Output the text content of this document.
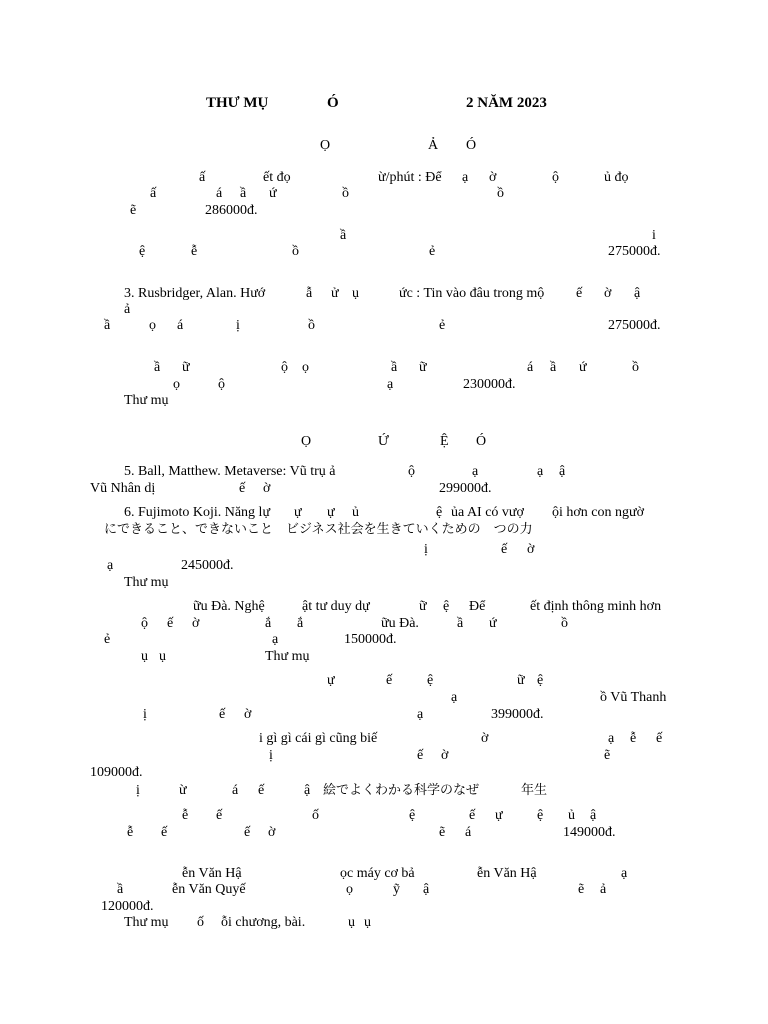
THƯ MỤ	Ó	2 NĂM 2023
Ọ	Ả Ó
ấ	ết đọ	ừ/phút : Để ạ ờ	ộ	ủ đọ
ấ	á ầ ứ	ồ	ồ
ẽ	286000đ.
ầ	i
ệ	ễ	ồ	ẻ	275000đ.
3. Rusbridger, Alan. Hướ	ẫ ử ụ	ức : Tin vào đâu trong mộ ế ờ ậ
ả
ầ	ọ á	ị	ồ	ẻ	275000đ.
ầ ữ	ộ ọ	ầ ữ	á ầ ứ	ồ
ọ	ộ	ạ	230000đ.
Thư mụ
Ọ	Ứ	Ệ Ó
5. Ball, Matthew. Metaverse: Vũ trụ ả	ộ	ạ	ạ ậ
Vũ Nhân dị	ế ờ	299000đ.
6. Fujimoto Koji. Năng lự ự ự ủ	ệ ủa AI có vượ ội hơn con ngườ
にできること、できないこと　ビジネス社会を生きていくための　つの力
ị	ế ờ
ạ	245000đ.
Thư mụ
ữu Đà. Nghệ	ật tư duy dự	ữ ệ Để	ết định thông minh hơn
ộ ế ờ	ắ ắ	ữu Đà.	ầ ứ	ồ
ẻ	ạ	150000đ.
ụ ụ	Thư mụ
ự	ế ệ	ữ ệ
ạ	ồ Vũ Thanh
ị	ế ờ	ạ	399000đ.
i gì gì cái gì cũng biế	ờ	ạ ễ ế
ị	ế ờ	ẽ
109000đ.
ị	ừ	á ế	ậ 絵でよくわかる科学のなぜ	年生
ễ ế	ố	ệ	ế ự ệ ủ ậ
ễ ế	ế ờ	ẽ á	149000đ.
ễn Văn Hậ	ọc máy cơ bả	ễn Văn Hậ	ạ
ầ	ễn Văn Quyế	ọ	ỹ ậ	ẽ ả
120000đ.
Thư mụ ố ỗi chương, bài.	ụ ụ
